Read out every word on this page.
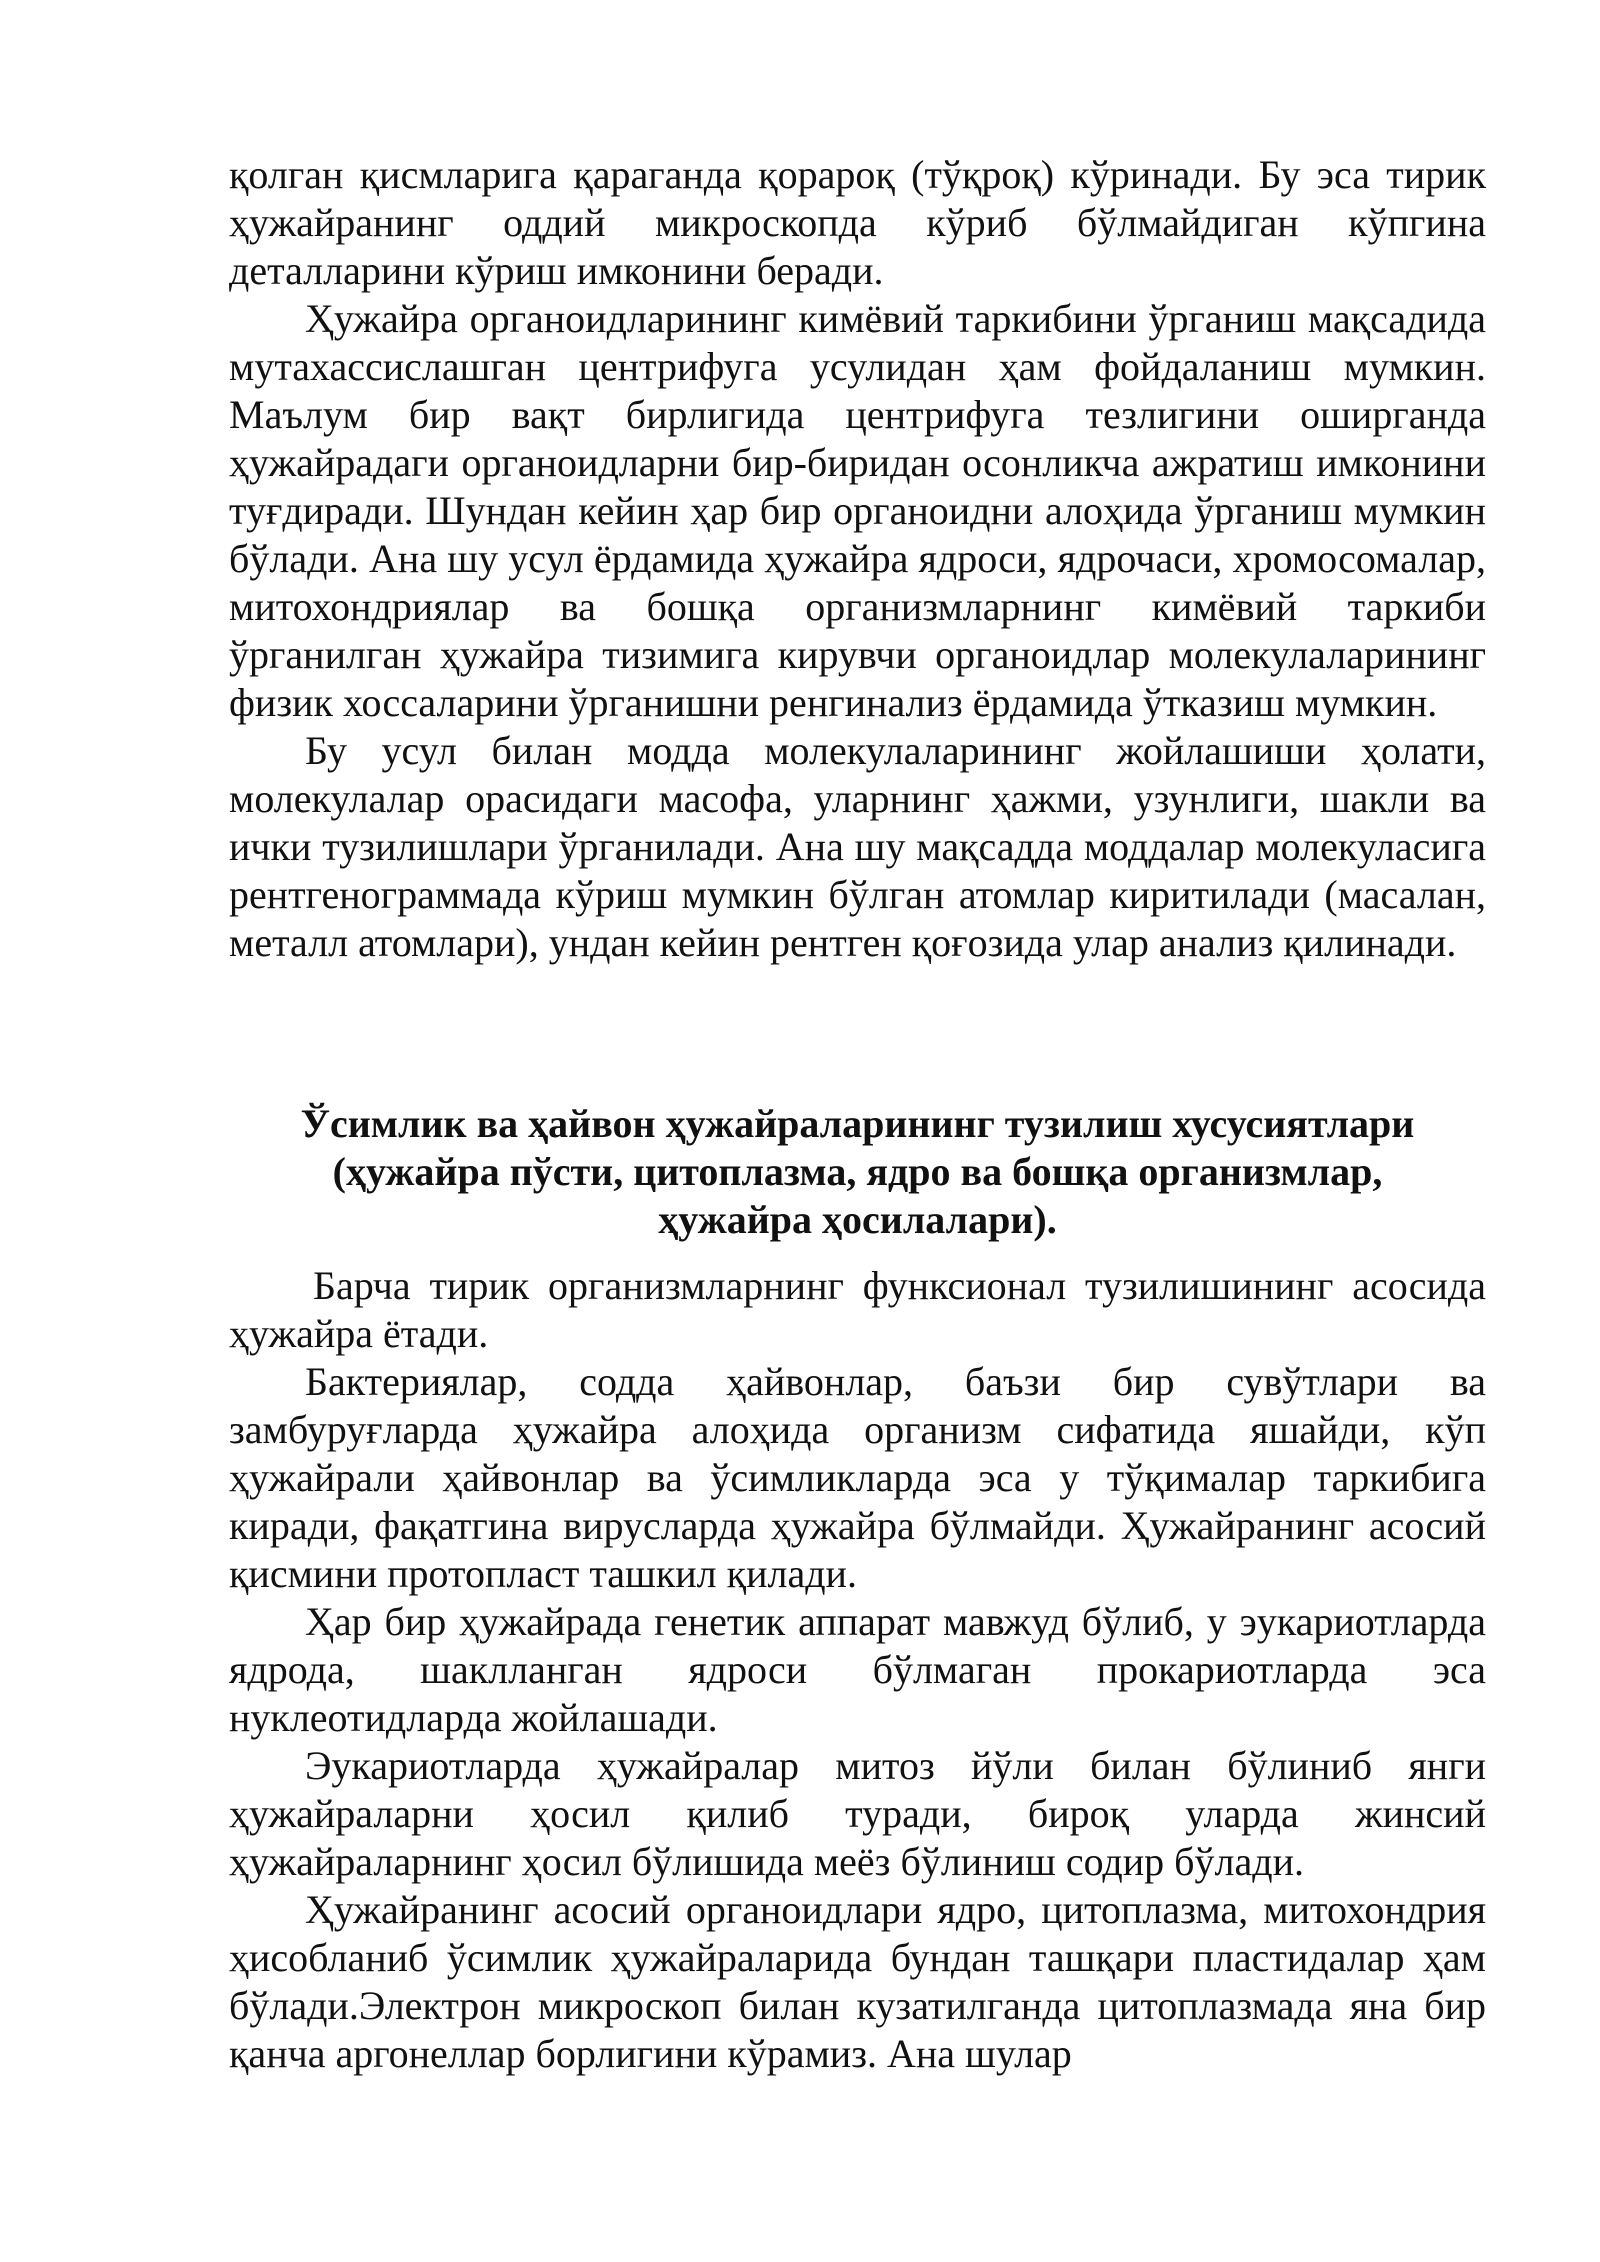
қолган қисмларига қараганда қорароқ (тўқроқ) кўринади. Бу эса тирик ҳужайранинг оддий микроскопда кўриб бўлмайдиган кўпгина деталларини кўриш имконини беради.

Ҳужайра органоидларининг кимёвий таркибини ўрганиш мақсадида мутахассислашган центрифуга усулидан ҳам фойдаланиш мумкин. Маълум бир вақт бирлигида центрифуга тезлигини оширганда ҳужайрадаги органоидларни бир-биридан осонликча ажратиш имконини туғдиради. Шундан кейин ҳар бир органоидни алоҳида ўрганиш мумкин бўлади. Ана шу усул ёрдамида ҳужайра ядроси, ядрочаси, хромосомалар, митохондриялар ва бошқа организмларнинг кимёвий таркиби ўрганилган ҳужайра тизимига кирувчи органоидлар молекулаларининг физик хоссаларини ўрганишни ренгинализ ёрдамида ўтказиш мумкин.

Бу усул билан модда молекулаларининг жойлашиши ҳолати, молекулалар орасидаги масофа, уларнинг ҳажми, узунлиги, шакли ва ички тузилишлари ўрганилади. Ана шу мақсадда моддалар молекуласига рентгенограммада кўриш мумкин бўлган атомлар киритилади (масалан, металл атомлари), ундан кейин рентген қоғозида улар анализ қилинади.

Ўсимлик ва ҳайвон ҳужайраларининг тузилиш хусусиятлари
(ҳужайра пўсти, цитоплазма, ядро ва бошқа организмлар,
ҳужайра ҳосилалари).

Барча тирик организмларнинг функсионал тузилишининг асосида ҳужайра ётади.

Бактериялар, содда ҳайвонлар, баъзи бир сувўтлари ва замбуруғларда ҳужайра алоҳида организм сифатида яшайди, кўп ҳужайрали ҳайвонлар ва ўсимликларда эса у тўқималар таркибига киради, фақатгина вирусларда ҳужайра бўлмайди. Ҳужайранинг асосий қисмини протопласт ташкил қилади.

Ҳар бир ҳужайрада генетик аппарат мавжуд бўлиб, у эукариотларда ядрода, шаклланган ядроси бўлмаган прокариотларда эса нуклеотидларда жойлашади.

Эукариотларда ҳужайралар митоз йўли билан бўлиниб янги ҳужайраларни ҳосил қилиб туради, бироқ уларда жинсий ҳужайраларнинг ҳосил бўлишида меёз бўлиниш содир бўлади.

Ҳужайранинг асосий органоидлари ядро, цитоплазма, митохондрия ҳисобланиб ўсимлик ҳужайраларида бундан ташқари пластидалар ҳам бўлади.Электрон микроскоп билан кузатилганда цитоплазмада яна бир қанча аргонеллар борлигини кўрамиз. Ана шулар
